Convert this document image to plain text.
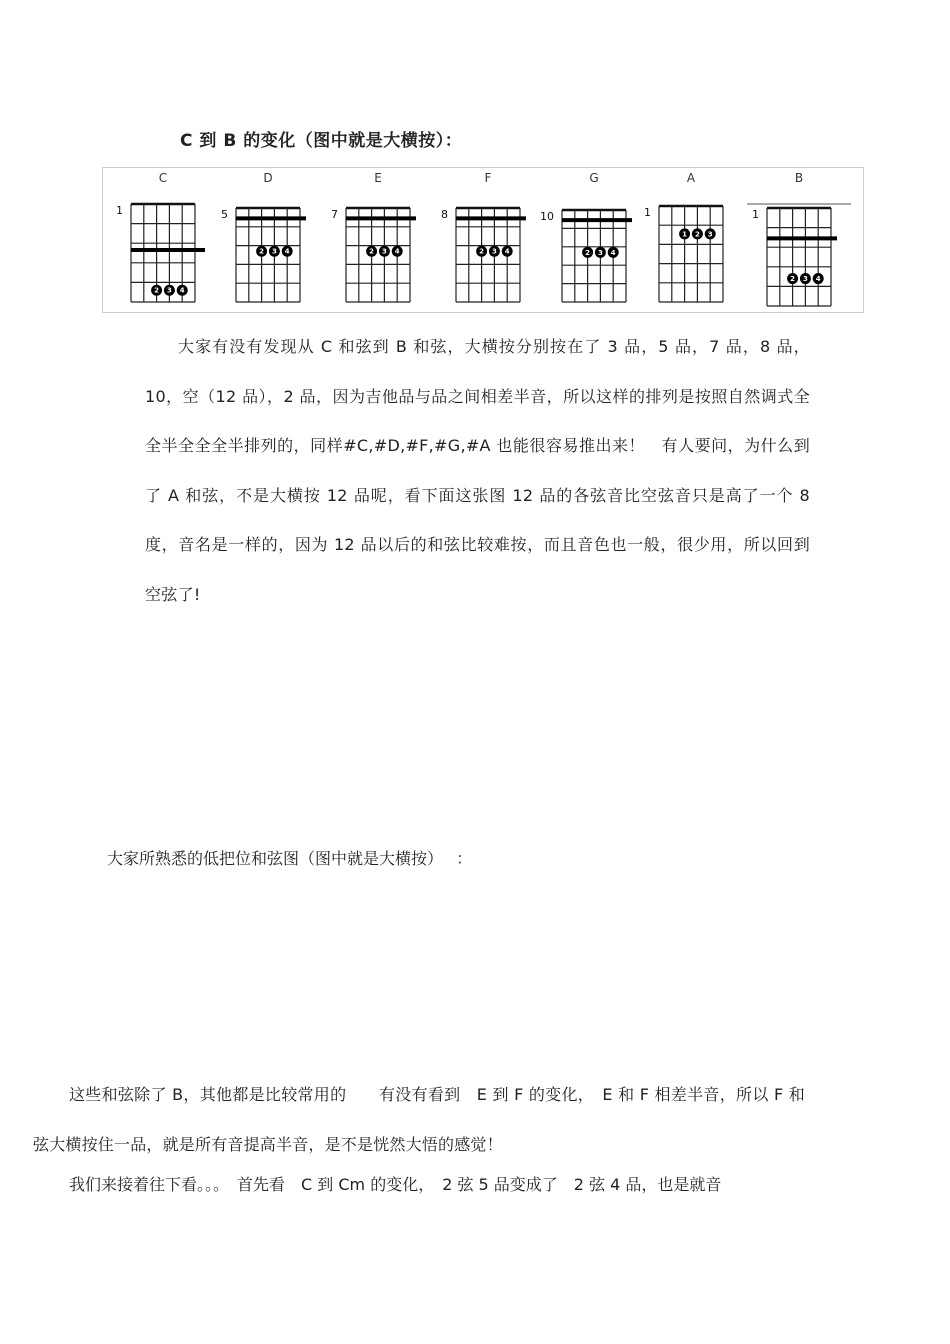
C 到 B 的变化（图中就是大横按）：
C
1
2 3 4
D
5
2 3 4
E
7
2 3 4
F
8
2 3 4
G
10
2 3 4
A
1
1 2 3
B
1
2 3 4
大家有没有发现从 C 和弦到 B 和弦，大横按分别按在了 3 品，5 品，7 品，8 品，10，空（12 品），2 品，因为吉他品与品之间相差半音，所以这样的排列是按照自然调式全全半全全全半排列的，同样#C,#D,#F,#G,#A 也能很容易推出来！　有人要问，为什么到了 A 和弦，不是大横按 12 品呢，看下面这张图 12 品的各弦音比空弦音只是高了一个 8 度，音名是一样的，因为 12 品以后的和弦比较难按，而且音色也一般，很少用，所以回到空弦了!
大家所熟悉的低把位和弦图（图中就是大横按）　 ：
这些和弦除了 B，其他都是比较常用的　　有没有看到　E 到 F 的变化，　E 和 F 相差半音，所以 F 和弦大横按住一品，就是所有音提高半音，是不是恍然大悟的感觉！
我们来接着往下看。。。　首先看　C 到 Cm 的变化，　2 弦 5 品变成了　2 弦 4 品，也是就音
